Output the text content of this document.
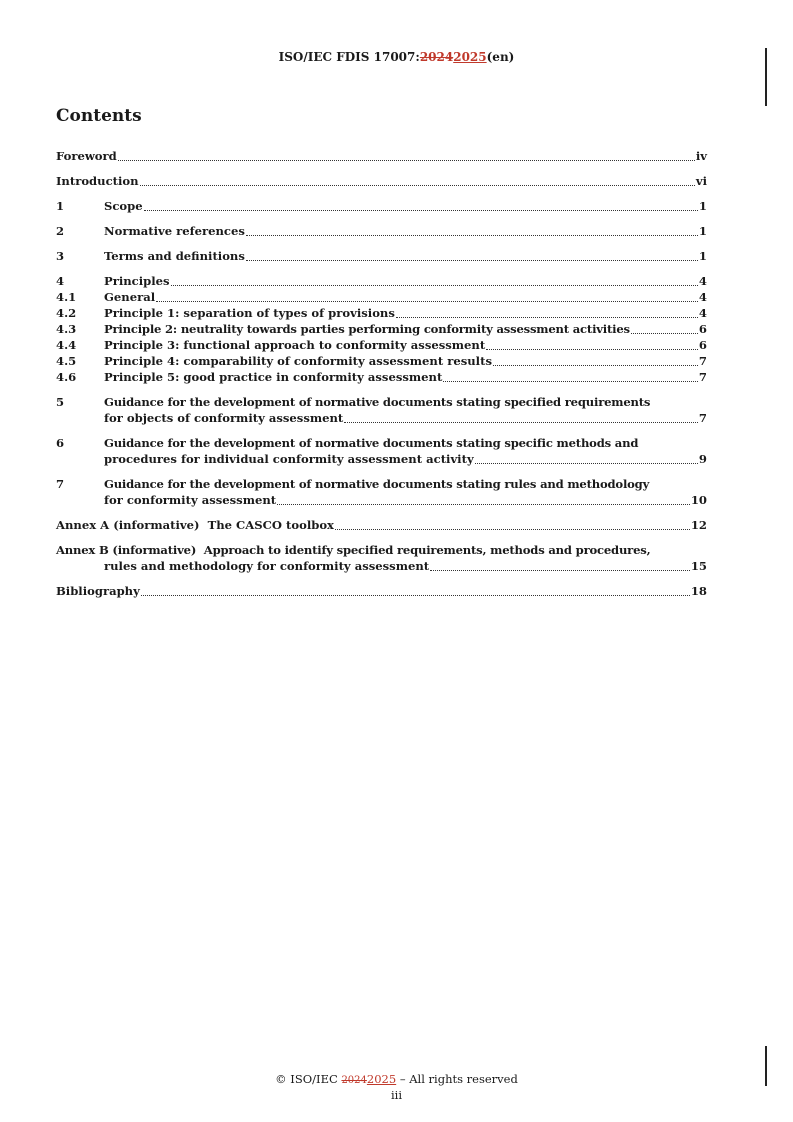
ISO/IEC FDIS 17007:20242025(en)
Contents
Foreword	iv
Introduction	vi
1	Scope	1
2	Normative references	1
3	Terms and definitions	1
4	Principles	4
4.1	General	4
4.2	Principle 1: separation of types of provisions	4
4.3	Principle 2: neutrality towards parties performing conformity assessment activities	6
4.4	Principle 3: functional approach to conformity assessment	6
4.5	Principle 4: comparability of conformity assessment results	7
4.6	Principle 5: good practice in conformity assessment	7
5	Guidance for the development of normative documents stating specified requirements
for objects of conformity assessment	7
6	Guidance for the development of normative documents stating specific methods and
procedures for individual conformity assessment activity	9
7	Guidance for the development of normative documents stating rules and methodology
for conformity assessment	10
Annex A (informative)  The CASCO toolbox	12
Annex B (informative)  Approach to identify specified requirements, methods and procedures,
rules and methodology for conformity assessment	15
Bibliography	18
© ISO/IEC 20242025 – All rights reserved
iii
